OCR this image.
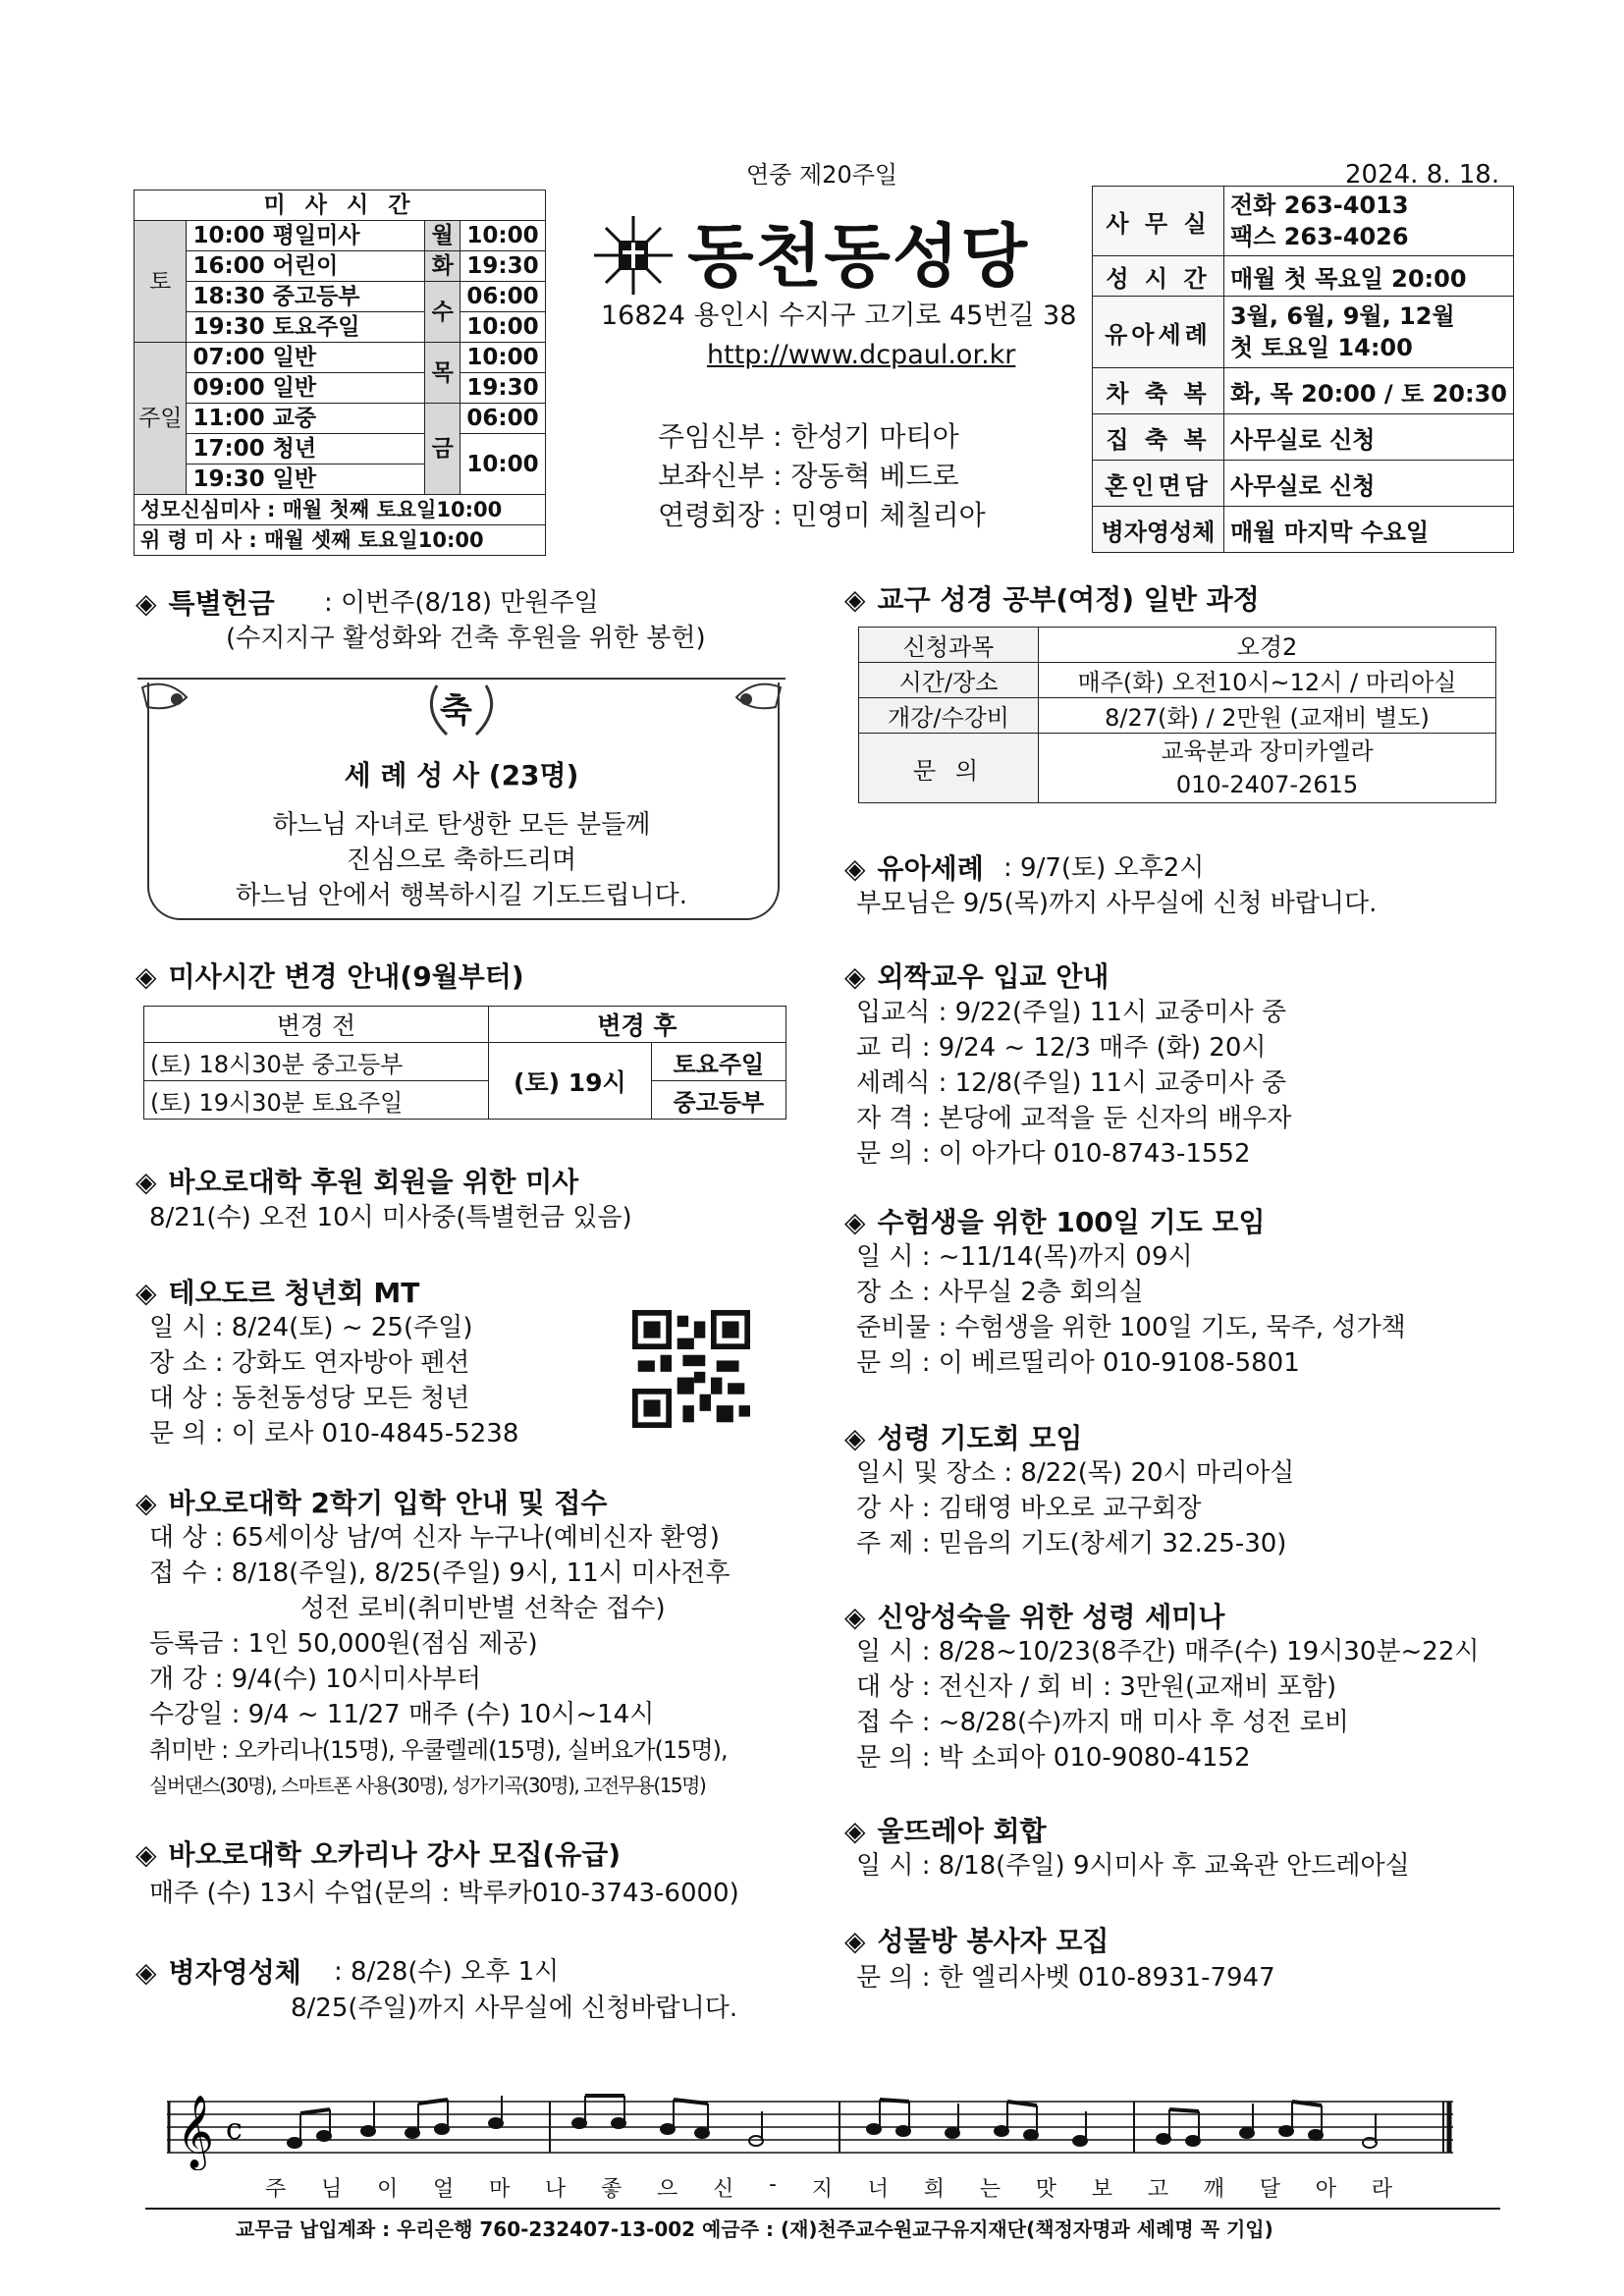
연중 제20주일	2024. 8. 18.
미 사 시 간			
토	10:00 평일미사	월	10:00
	16:00 어린이	화	19:30
	18:30 중고등부	수	06:00
	19:30 토요주일		10:00
주일	07:00 일반	목	10:00
	09:00 일반		19:30
	11:00 교중	금	06:00
	17:00 청년		10:00
	19:30 일반		
성모신심미사 : 매월 첫째 토요일10:00			
위 령 미 사 : 매월 셋째 토요일10:00			
동천동성당
16824 용인시 수지구 고기로 45번길 38
http://www.dcpaul.or.kr
주임신부 : 한성기 마티아
보좌신부 : 장동혁 베드로
연령회장 : 민영미 체칠리아
사 무 실	전화 263-4013
팩스 263-4026
성 시 간	매월 첫 목요일 20:00
유아세례	3월, 6월, 9월, 12월
첫 토요일 14:00
차 축 복	화, 목 20:00 / 토 20:30
집 축 복	사무실로 신청
혼인면담	사무실로 신청
병자영성체	매월 마지막 수요일
◈ 특별헌금 : 이번주(8/18) 만원주일
(수지지구 활성화와 건축 후원을 위한 봉헌)
축
세 례 성 사 (23명)
하느님 자녀로 탄생한 모든 분들께
진심으로 축하드리며
하느님 안에서 행복하시길 기도드립니다.
◈ 미사시간 변경 안내(9월부터)
변경 전	변경 후	
(토) 18시30분 중고등부	(토) 19시	토요주일
(토) 19시30분 토요주일		중고등부
◈ 바오로대학 후원 회원을 위한 미사
8/21(수) 오전 10시 미사중(특별헌금 있음)
◈ 테오도르 청년회 MT
일 시 : 8/24(토) ~ 25(주일)
장 소 : 강화도 연자방아 펜션
대 상 : 동천동성당 모든 청년
문 의 : 이 로사 010-4845-5238
◈ 바오로대학 2학기 입학 안내 및 접수
대 상 : 65세이상 남/여 신자 누구나(예비신자 환영)
접 수 : 8/18(주일), 8/25(주일) 9시, 11시 미사전후
성전 로비(취미반별 선착순 접수)
등록금 : 1인 50,000원(점심 제공)
개 강 : 9/4(수) 10시미사부터
수강일 : 9/4 ~ 11/27 매주 (수) 10시~14시
취미반 : 오카리나(15명), 우쿨렐레(15명), 실버요가(15명),
실버댄스(30명), 스마트폰 사용(30명), 성가기곡(30명), 고전무용(15명)
◈ 바오로대학 오카리나 강사 모집(유급)
매주 (수) 13시 수업(문의 : 박루카010-3743-6000)
◈ 병자영성체 : 8/28(수) 오후 1시
8/25(주일)까지 사무실에 신청바랍니다.
◈ 교구 성경 공부(여정) 일반 과정
신청과목	오경2
시간/장소	매주(화) 오전10시~12시 / 마리아실
개강/수강비	8/27(화) / 2만원 (교재비 별도)
문 의	교육분과 장미카엘라
010-2407-2615
◈ 유아세례 : 9/7(토) 오후2시
부모님은 9/5(목)까지 사무실에 신청 바랍니다.
◈ 외짝교우 입교 안내
입교식 : 9/22(주일) 11시 교중미사 중
교 리 : 9/24 ~ 12/3 매주 (화) 20시
세례식 : 12/8(주일) 11시 교중미사 중
자 격 : 본당에 교적을 둔 신자의 배우자
문 의 : 이 아가다 010-8743-1552
◈ 수험생을 위한 100일 기도 모임
일 시 : ~11/14(목)까지 09시
장 소 : 사무실 2층 회의실
준비물 : 수험생을 위한 100일 기도, 묵주, 성가책
문 의 : 이 베르띨리아 010-9108-5801
◈ 성령 기도회 모임
일시 및 장소 : 8/22(목) 20시 마리아실
강 사 : 김태영 바오로 교구회장
주 제 : 믿음의 기도(창세기 32.25-30)
◈ 신앙성숙을 위한 성령 세미나
일 시 : 8/28~10/23(8주간) 매주(수) 19시30분~22시
대 상 : 전신자 / 회 비 : 3만원(교재비 포함)
접 수 : ~8/28(수)까지 매 미사 후 성전 로비
문 의 : 박 소피아 010-9080-4152
◈ 울뜨레아 회합
일 시 : 8/18(주일) 9시미사 후 교육관 안드레아실
◈ 성물방 봉사자 모집
문 의 : 한 엘리사벳 010-8931-7947
𝄞 c
주 님 이 얼 마 나 좋 으 신 - 지 너 희 는 맛 보 고 깨 달 아 라
교무금 납입계좌 : 우리은행 760-232407-13-002 예금주 : (재)천주교수원교구유지재단(책정자명과 세례명 꼭 기입)
